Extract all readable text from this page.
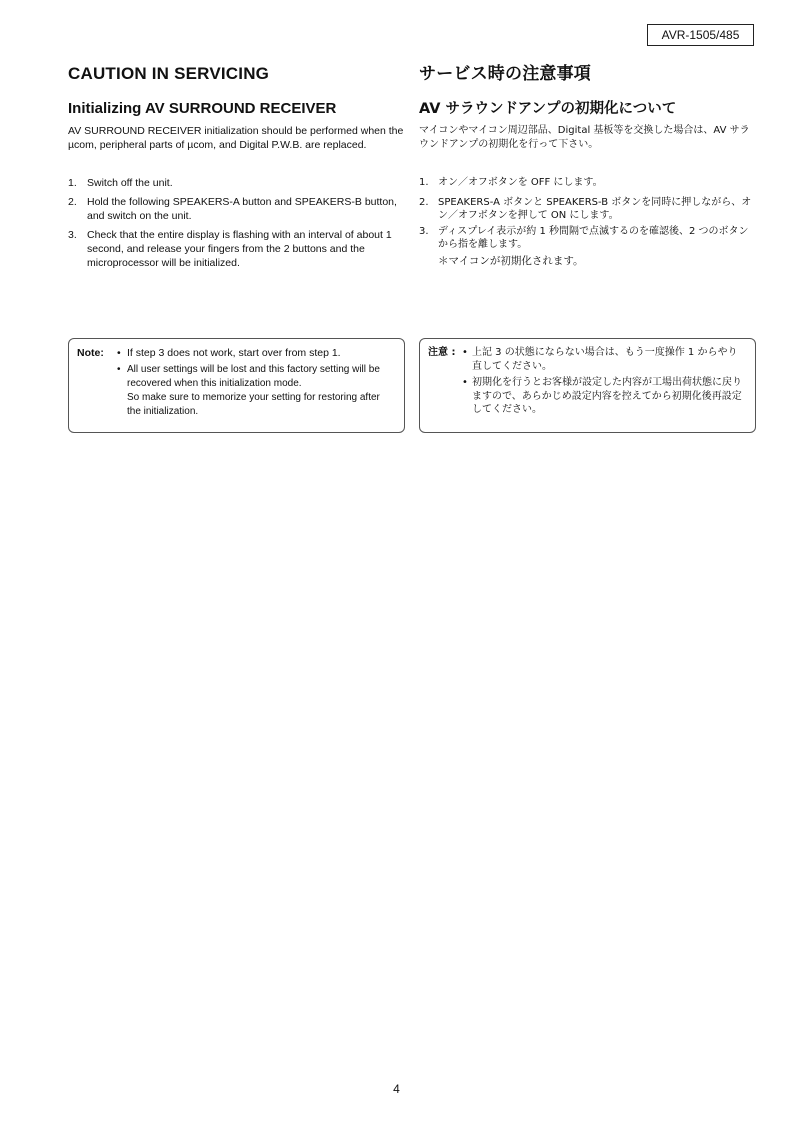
AVR-1505/485
CAUTION IN SERVICING
Initializing AV SURROUND RECEIVER

AV SURROUND RECEIVER initialization should be performed when the µcom, peripheral parts of µcom, and Digital P.W.B. are replaced.

1. Switch off the unit.
2. Hold the following SPEAKERS-A button and SPEAKERS-B button, and switch on the unit.
3. Check that the entire display is flashing with an interval of about 1 second, and release your fingers from the 2 buttons and the microprocessor will be initialized.
サービス時の注意事項
AV サラウンドアンプの初期化について

マイコンやマイコン周辺部品、Digital 基板等を交換した場合は、AV サラウンドアンプの初期化を行って下さい。

1. オン／オフボタンを OFF にします。
2. SPEAKERS-A ボタンと SPEAKERS-B ボタンを同時に押しながら、オン／オフボタンを押して ON にします。
3. ディスプレイ表示が約 1 秒間隔で点滅するのを確認後、2 つのボタンから指を離します。

＊マイコンが初期化されます。

Note:	• If step 3 does not work, start over from step 1.
• All user settings will be lost and this factory setting will be recovered when this initialization mode.
So make sure to memorize your setting for restoring after the initialization.
注意 : • 上記 3 の状態にならない場合は、もう一度操作 1 からやり直してください。
• 初期化を行うとお客様が設定した内容が工場出荷状態に戻りますので、あらかじめ設定内容を控えてから初期化後再設定してください。
4
